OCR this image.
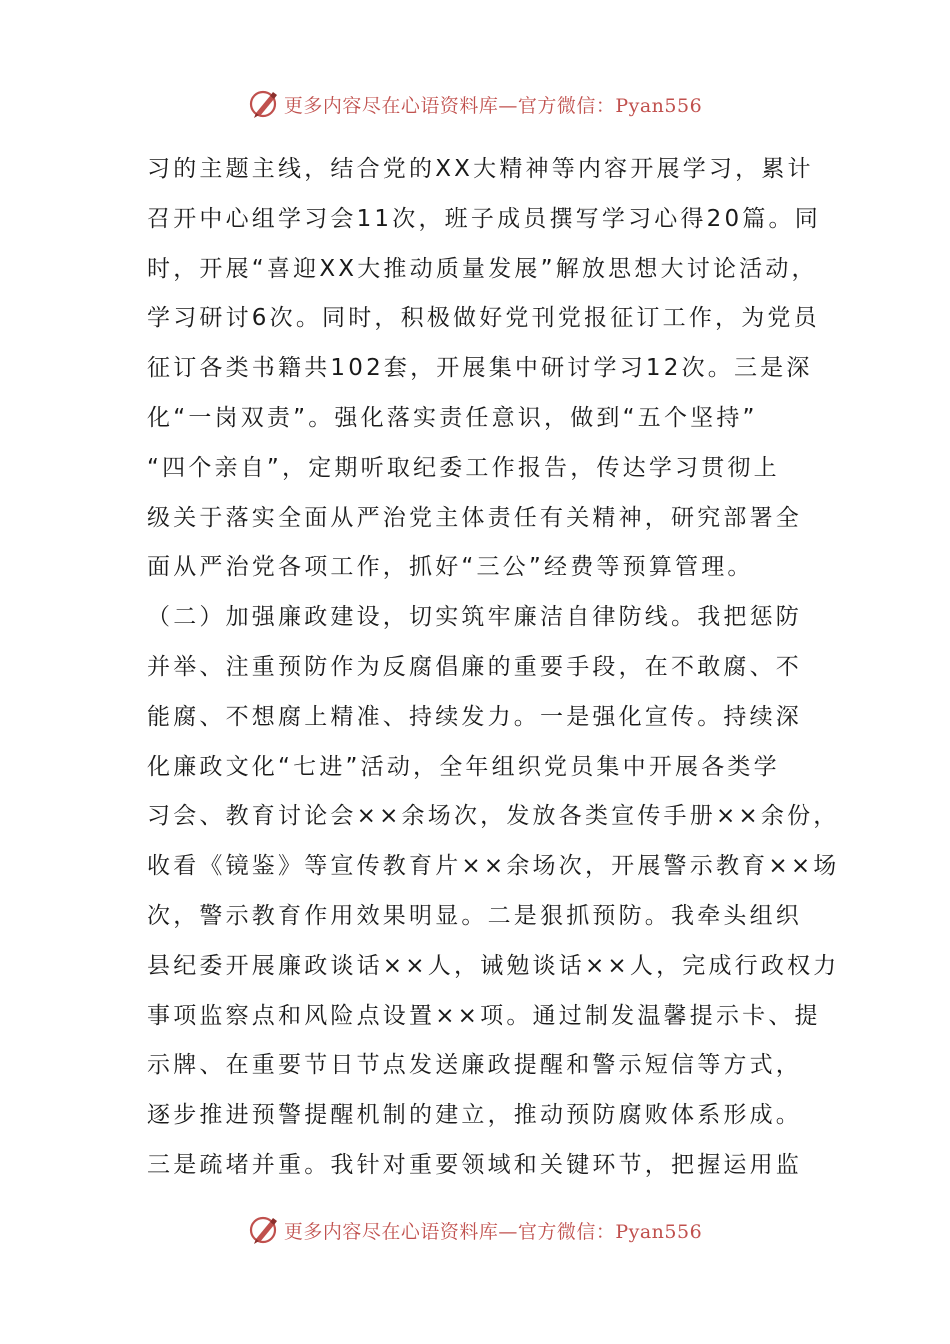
更多内容尽在心语资料库—官方微信：Pyan556
习的主题主线，结合党的XX大精神等内容开展学习，累计
召开中心组学习会11次，班子成员撰写学习心得20篇。同
时，开展“喜迎XX大推动质量发展”解放思想大讨论活动，
学习研讨6次。同时，积极做好党刊党报征订工作，为党员
征订各类书籍共102套，开展集中研讨学习12次。三是深
化“一岗双责”。强化落实责任意识，做到“五个坚持”
“四个亲自”，定期听取纪委工作报告，传达学习贯彻上
级关于落实全面从严治党主体责任有关精神，研究部署全
面从严治党各项工作，抓好“三公”经费等预算管理。
（二）加强廉政建设，切实筑牢廉洁自律防线。我把惩防
并举、注重预防作为反腐倡廉的重要手段，在不敢腐、不
能腐、不想腐上精准、持续发力。一是强化宣传。持续深
化廉政文化“七进”活动，全年组织党员集中开展各类学
习会、教育讨论会××余场次，发放各类宣传手册××余份，
收看《镜鉴》等宣传教育片××余场次，开展警示教育××场
次，警示教育作用效果明显。二是狠抓预防。我牵头组织
县纪委开展廉政谈话××人，诫勉谈话××人，完成行政权力
事项监察点和风险点设置××项。通过制发温馨提示卡、提
示牌、在重要节日节点发送廉政提醒和警示短信等方式，
逐步推进预警提醒机制的建立，推动预防腐败体系形成。
三是疏堵并重。我针对重要领域和关键环节，把握运用监
更多内容尽在心语资料库—官方微信：Pyan556
